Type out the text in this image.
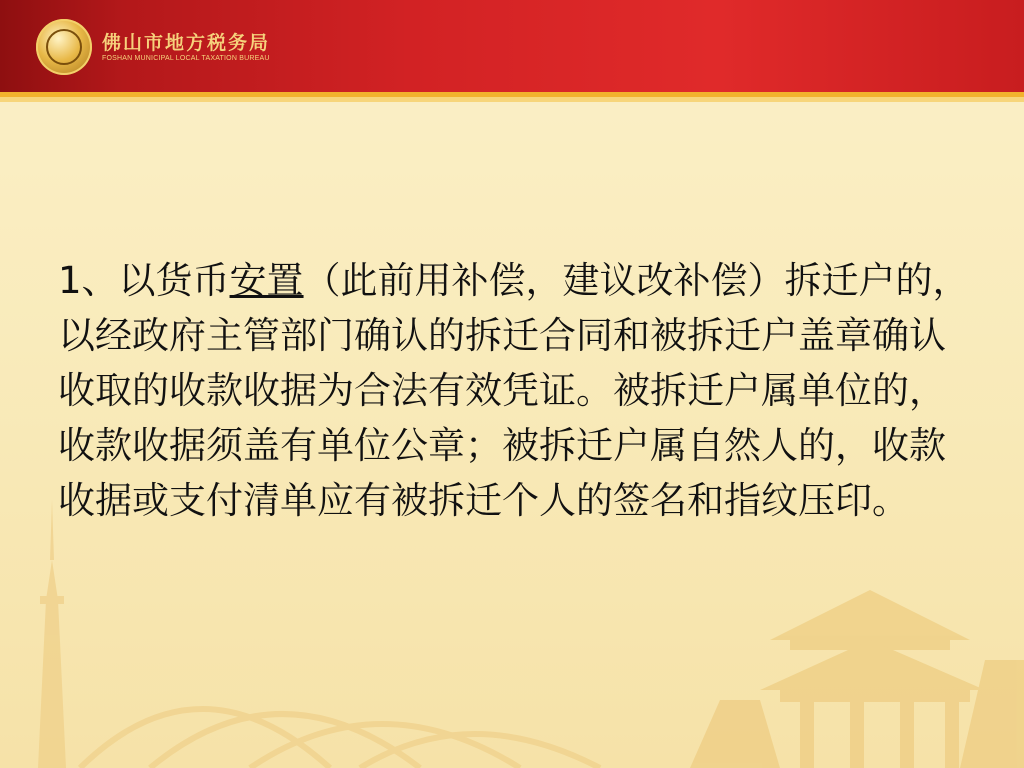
佛山市地方税务局
FOSHAN MUNICIPAL LOCAL TAXATION BUREAU
1、以货币安置（此前用补偿，建议改补偿）拆迁户的，以经政府主管部门确认的拆迁合同和被拆迁户盖章确认收取的收款收据为合法有效凭证。被拆迁户属单位的，收款收据须盖有单位公章；被拆迁户属自然人的，收款收据或支付清单应有被拆迁个人的签名和指纹压印。
